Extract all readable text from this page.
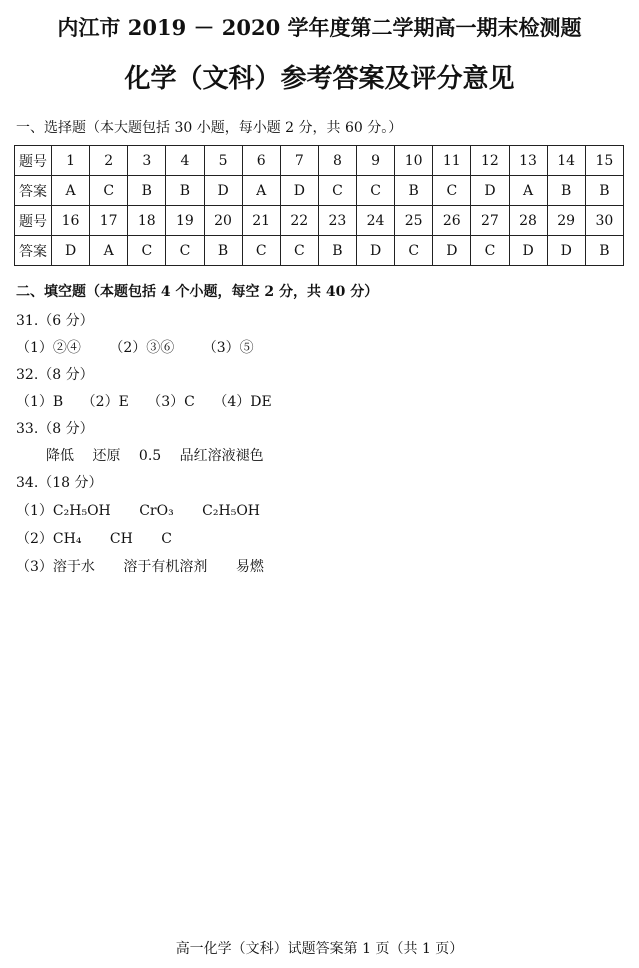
内江市 2019 － 2020 学年度第二学期高一期末检测题
化学（文科）参考答案及评分意见
一、选择题（本大题包括 30 小题，每小题 2 分，共 60 分。）
题号	1	2	3	4	5	6	7	8	9	10	11	12	13	14	15
答案	A	C	B	B	D	A	D	C	C	B	C	D	A	B	B
题号	16	17	18	19	20	21	22	23	24	25	26	27	28	29	30
答案	D	A	C	C	B	C	C	B	D	C	D	C	D	D	B
二、填空题（本题包括 4 个小题，每空 2 分，共 40 分）
31.（6 分）
（1）②④ （2）③⑥ （3）⑤
32.（8 分）
（1）B （2）E （3）C （4）DE
33.（8 分）
降低 还原 0.5 品红溶液褪色
34.（18 分）
（1）C₂H₅OH CrO₃ C₂H₅OH
（2）CH₄ CH C
（3）溶于水 溶于有机溶剂 易燃
高一化学（文科）试题答案第 1 页（共 1 页）
